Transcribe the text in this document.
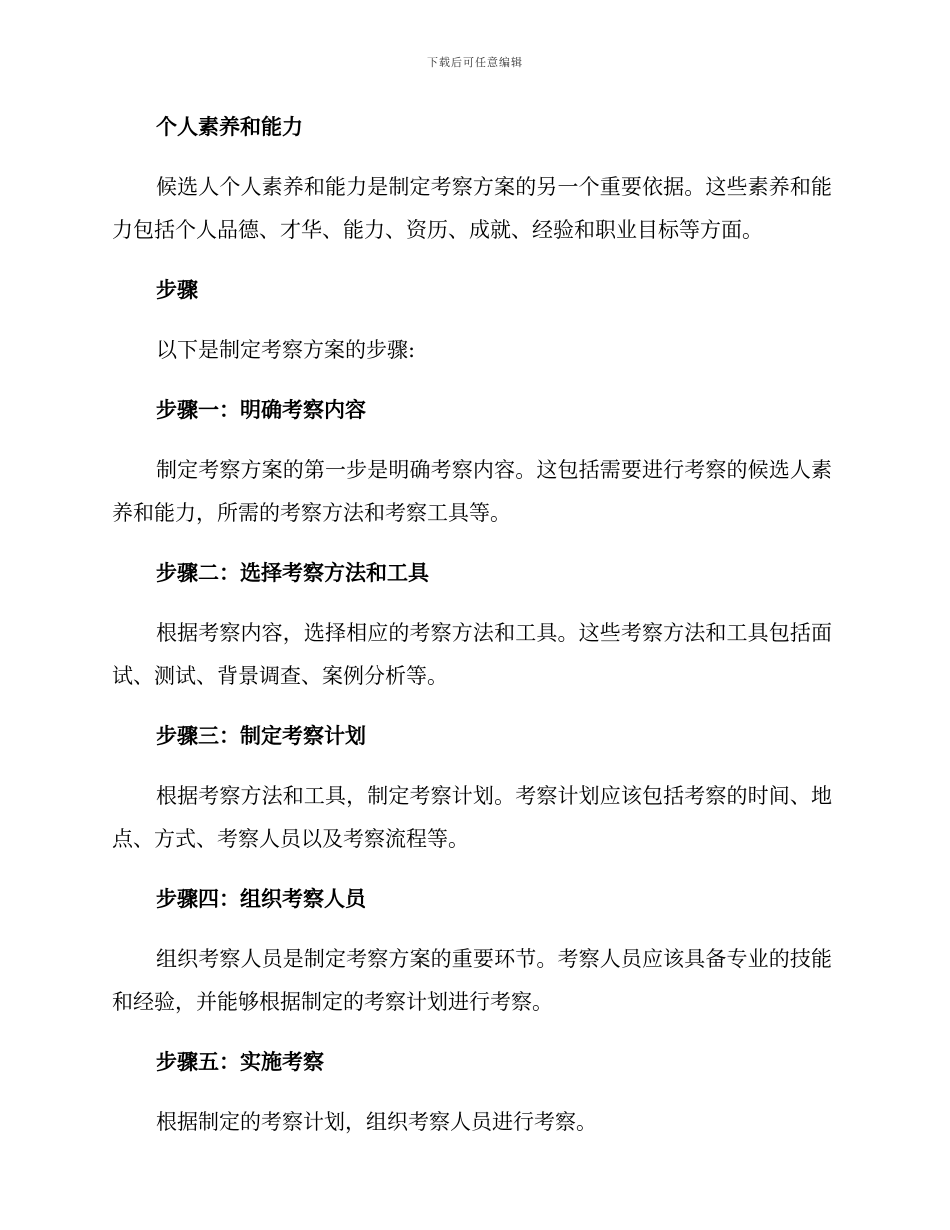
下载后可任意编辑
个人素养和能力

候选人个人素养和能力是制定考察方案的另一个重要依据。这些素养和能力包括个人品德、才华、能力、资历、成就、经验和职业目标等方面。

步骤

以下是制定考察方案的步骤:

步骤一：明确考察内容

制定考察方案的第一步是明确考察内容。这包括需要进行考察的候选人素养和能力，所需的考察方法和考察工具等。

步骤二：选择考察方法和工具

根据考察内容，选择相应的考察方法和工具。这些考察方法和工具包括面试、测试、背景调查、案例分析等。

步骤三：制定考察计划

根据考察方法和工具，制定考察计划。考察计划应该包括考察的时间、地点、方式、考察人员以及考察流程等。

步骤四：组织考察人员

组织考察人员是制定考察方案的重要环节。考察人员应该具备专业的技能和经验，并能够根据制定的考察计划进行考察。

步骤五：实施考察

根据制定的考察计划，组织考察人员进行考察。
